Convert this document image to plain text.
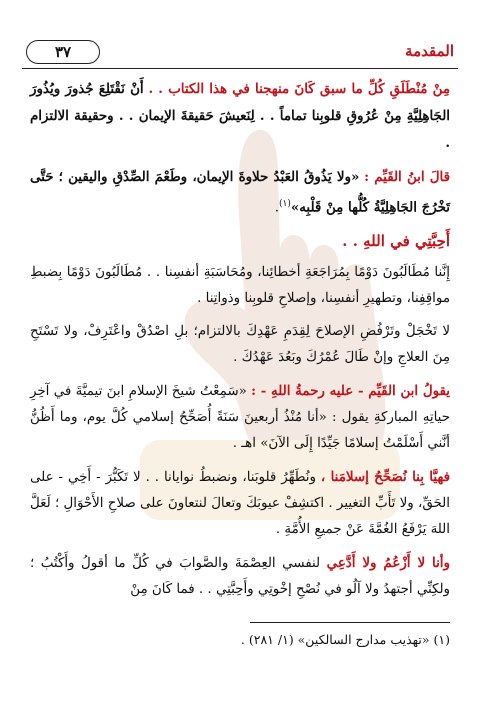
المقدمة
٣٧

مِنْ مُنْطَلَقِ كُلِّ ما سبق كَانَ منهجنا في هذا الكتاب . . أَنْ نَقْتَلِعَ جُذورَ ويُذُورَ الجَاهِلِيَّةِ مِنْ عُرُوقِ قلوبِنا تماماً . . لِنَعيشَ حَقيقةَ الإيمان . . وحقيقة الالتزام .

قالَ ابنُ القَيِّم : «ولا يَذُوقُ العَبْدُ حلاوةَ الإيمان، وطَعْمَ الصِّدْقِ واليقين ؛ حَتَّى تَخْرُجَ الجَاهِلِيَّةُ كُلُّها مِنْ قَلْبِه»$^{(١)}$.

أَحِبَّتِي في اللهِ . .

إِنَّنا مُطَالَبُونَ دَوْمًا بِمُرَاجَعَةِ أخطائِنا، ومُحَاسَبَةِ أنفسِنا . . مُطَالَبُونَ دَوْمًا بِضبطِ مواقِفِنا، وتطهيرِ أنفسِنا، وإصلاحِ قلوبِنا وذواتِنا .

لا تَخْجَلْ وتَرْفُضِ الإصلاحَ لِقِدَمِ عَهْدِكَ بالالتزام؛ بلِ اصْدُقْ واعْتَرِفْ، ولا تَسْتَحِ مِنَ العلاجِ وإنْ طَالَ عُمْرُكَ وبَعُدَ عَهْدُكَ .

يقولُ ابن القَيِّم - عليه رحمةُ اللهِ - : «سَمِعْتُ شيخَ الإسلامِ ابنَ تيميَّةَ في آخِرِ حياتِهِ المباركةِ يقول : «أنا مُنْذُ أربعينَ سَنَةً أُصَحِّحُ إسلامي كُلَّ يوم، وما أَظُنُّ أنَّني أَسْلَمْتُ إسلامًا جَيِّدًا إِلَى الآنَ» اهـ .

فهيَّا بِنا نُصَحِّحُ إسلامَنا ، ونُطَهِّرُ قلوبَنا، ونضبطُ نوايانا . . لا تَكَبُّرَ - أَخِي - على الحَقِّ، ولا تَأَبِّ التغيير . اكتشِفْ عيوبَكَ وتعالَ لنتعاونَ على صلاحِ الأَحْوَالِ ؛ لَعَلَّ اللهَ يَرْفَعُ الغُمَّةَ عَنْ جميعِ الأُمَّةِ .

وأنا لا أَزْعُمُ ولا أَدَّعِي لنفسي العِصْمَةَ والصَّوابَ في كُلِّ ما أقولُ وأَكْتُبُ ؛ ولكِنِّي أجتهدُ ولا آلُو في نُصْحِ إخْوتِي وأَحِبَّتِي . . فما كَانَ مِنْ

(١) «تهذيب مدارج السالكين» (١/ ٢٨١) .
